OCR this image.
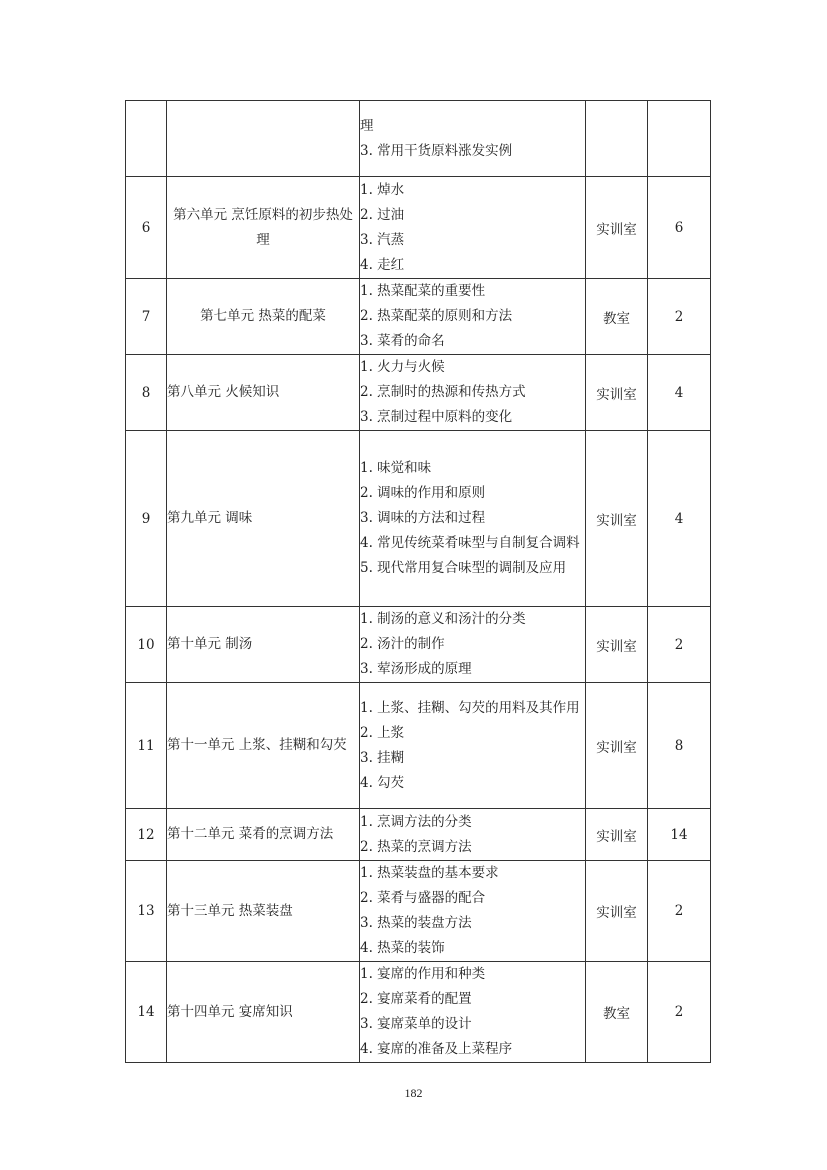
		理
3. 常用干货原料涨发实例		

6	第六单元 烹饪原料的初步热处理	1. 焯水
2. 过油
3. 汽蒸
4. 走红	实训室	6
7	第七单元 热菜的配菜	1. 热菜配菜的重要性
2. 热菜配菜的原则和方法
3. 菜肴的命名	教室	2
8	第八单元 火候知识	1. 火力与火候
2. 烹制时的热源和传热方式
3. 烹制过程中原料的变化	实训室	4
9	第九单元 调味	1. 味觉和味
2. 调味的作用和原则
3. 调味的方法和过程
4. 常见传统菜肴味型与自制复合调料
5. 现代常用复合味型的调制及应用	实训室	4
10	第十单元 制汤	1. 制汤的意义和汤汁的分类
2. 汤汁的制作
3. 荤汤形成的原理	实训室	2
11	第十一单元 上浆、挂糊和勾芡	1. 上浆、挂糊、勾芡的用料及其作用
2. 上浆
3. 挂糊
4. 勾芡	实训室	8
12	第十二单元 菜肴的烹调方法	1. 烹调方法的分类
2. 热菜的烹调方法	实训室	14
13	第十三单元 热菜装盘	1. 热菜装盘的基本要求
2. 菜肴与盛器的配合
3. 热菜的装盘方法
4. 热菜的装饰	实训室	2
14	第十四单元 宴席知识	1. 宴席的作用和种类
2. 宴席菜肴的配置
3. 宴席菜单的设计
4. 宴席的准备及上菜程序	教室	2
182
